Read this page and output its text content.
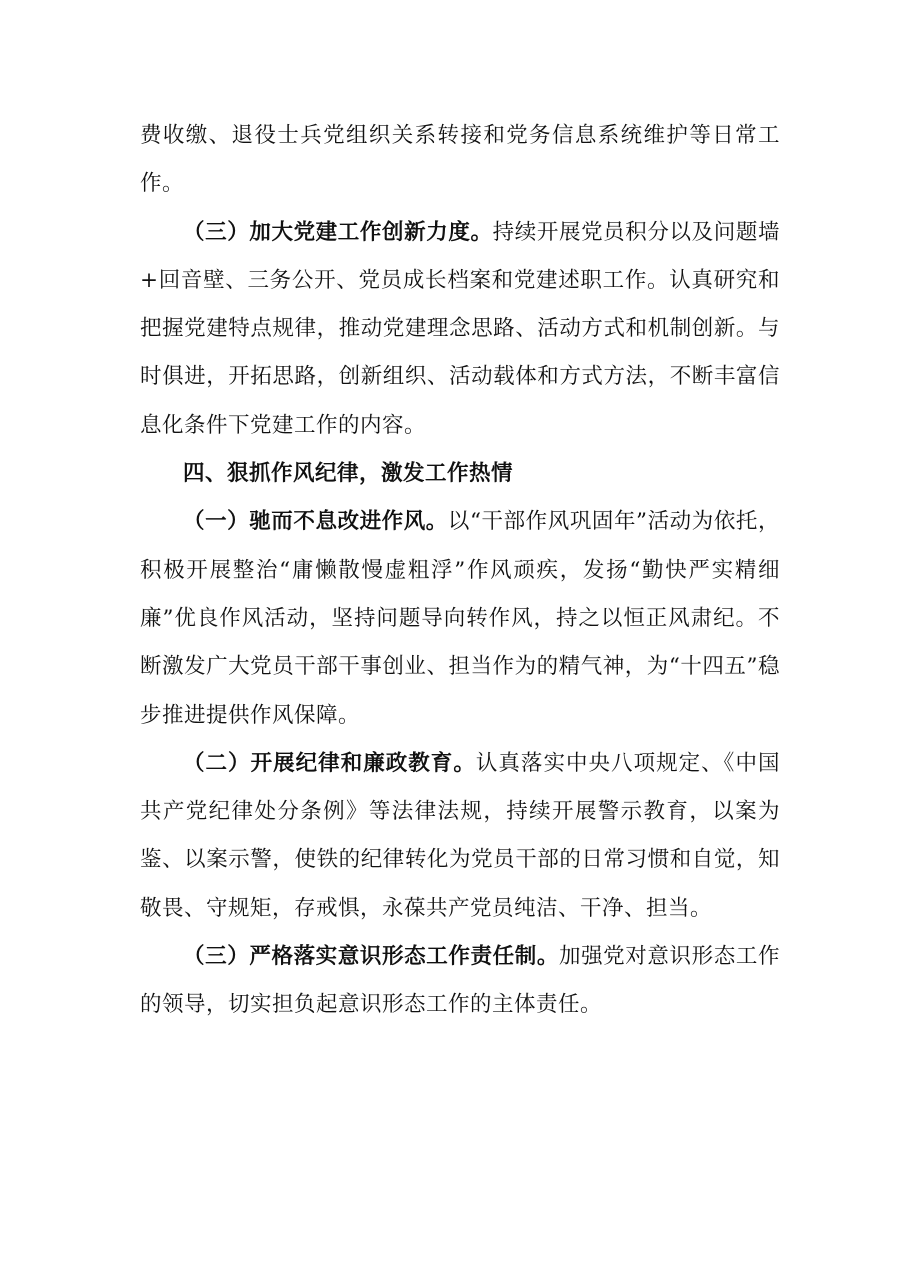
费收缴、退役士兵党组织关系转接和党务信息系统维护等日常工作。

（三）加大党建工作创新力度。持续开展党员积分以及问题墙+回音壁、三务公开、党员成长档案和党建述职工作。认真研究和把握党建特点规律，推动党建理念思路、活动方式和机制创新。与时俱进，开拓思路，创新组织、活动载体和方式方法，不断丰富信息化条件下党建工作的内容。

四、狠抓作风纪律，激发工作热情

（一）驰而不息改进作风。以“干部作风巩固年”活动为依托，积极开展整治“庸懒散慢虚粗浮”作风顽疾，发扬“勤快严实精细廉”优良作风活动，坚持问题导向转作风，持之以恒正风肃纪。不断激发广大党员干部干事创业、担当作为的精气神，为“十四五”稳步推进提供作风保障。

（二）开展纪律和廉政教育。认真落实中央八项规定、《中国共产党纪律处分条例》等法律法规，持续开展警示教育，以案为鉴、以案示警，使铁的纪律转化为党员干部的日常习惯和自觉，知敬畏、守规矩，存戒惧，永葆共产党员纯洁、干净、担当。

（三）严格落实意识形态工作责任制。加强党对意识形态工作的领导，切实担负起意识形态工作的主体责任。
